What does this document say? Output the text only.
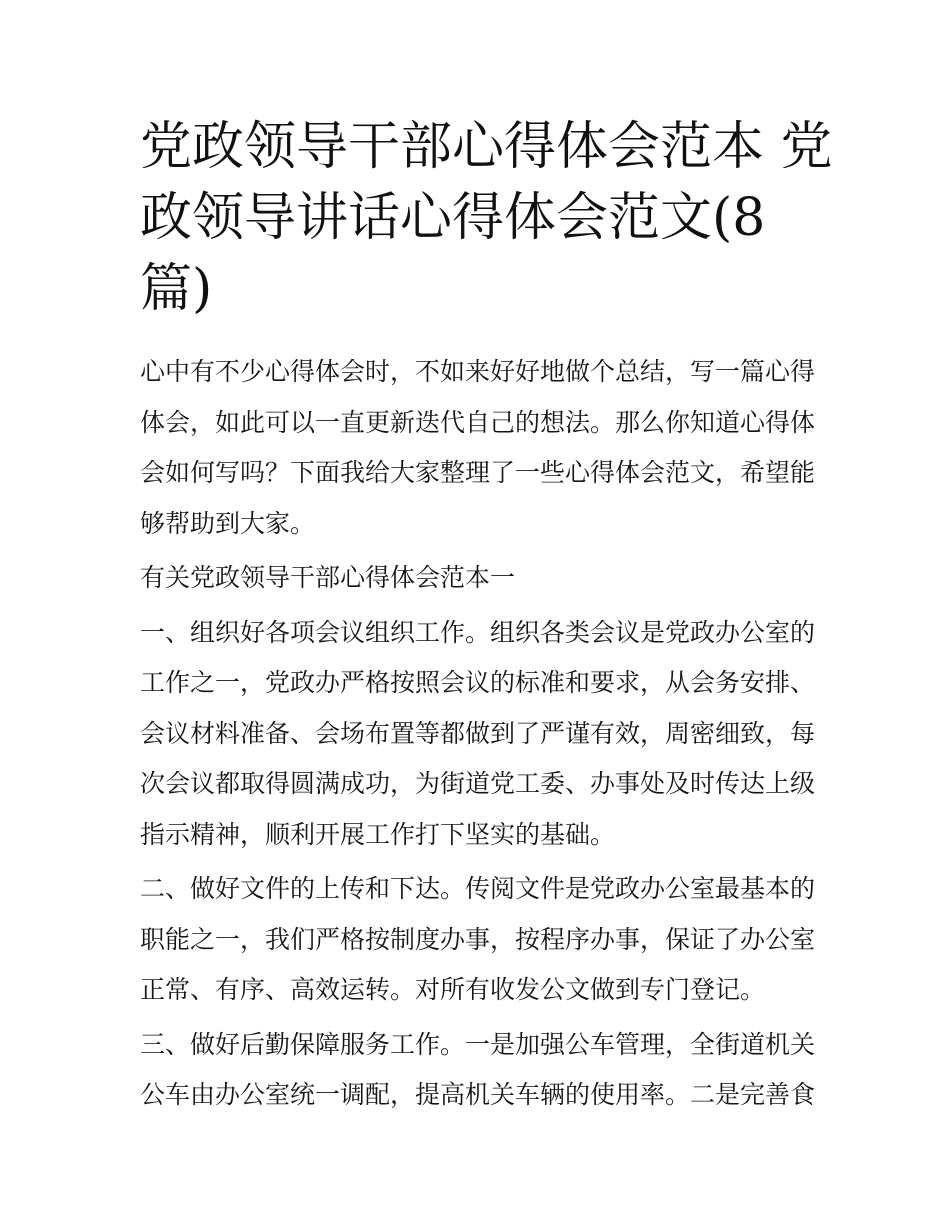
党政领导干部心得体会范本 党
政领导讲话心得体会范文(8
篇)

心中有不少心得体会时，不如来好好地做个总结，写一篇心得
体会，如此可以一直更新迭代自己的想法。那么你知道心得体
会如何写吗？下面我给大家整理了一些心得体会范文，希望能
够帮助到大家。

有关党政领导干部心得体会范本一

一、组织好各项会议组织工作。组织各类会议是党政办公室的
工作之一，党政办严格按照会议的标准和要求，从会务安排、
会议材料准备、会场布置等都做到了严谨有效，周密细致，每
次会议都取得圆满成功，为街道党工委、办事处及时传达上级
指示精神，顺利开展工作打下坚实的基础。

二、做好文件的上传和下达。传阅文件是党政办公室最基本的
职能之一，我们严格按制度办事，按程序办事，保证了办公室
正常、有序、高效运转。对所有收发公文做到专门登记。

三、做好后勤保障服务工作。一是加强公车管理，全街道机关
公车由办公室统一调配，提高机关车辆的使用率。二是完善食
